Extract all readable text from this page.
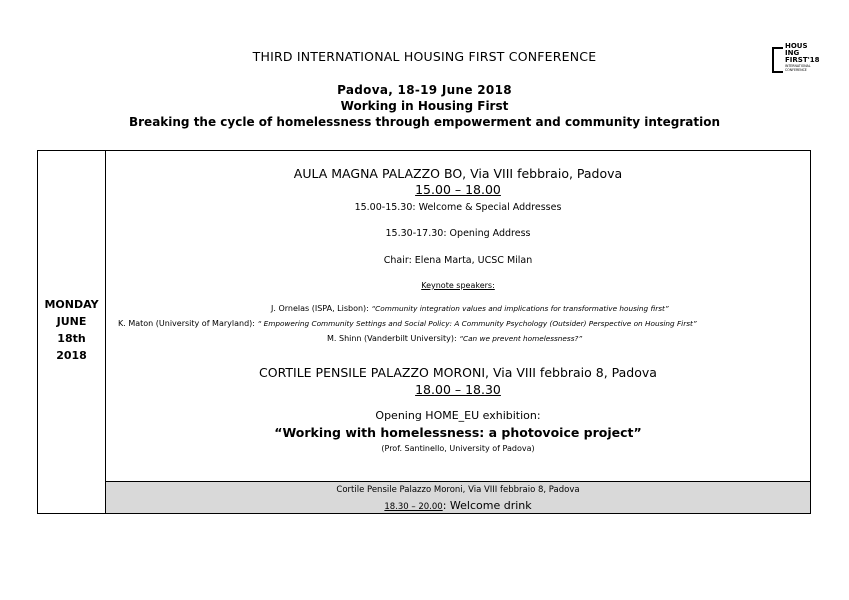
THIRD INTERNATIONAL HOUSING FIRST CONFERENCE
HOUS
ING
FIRST'18
INTERNATIONAL CONFERENCE
Padova, 18-19 June 2018
Working in Housing First
Breaking the cycle of homelessness through empowerment and community integration
MONDAY
JUNE
18th
2018
AULA MAGNA PALAZZO BO, Via VIII febbraio, Padova
15.00 – 18.00
15.00-15.30: Welcome & Special Addresses
15.30-17.30: Opening Address
Chair: Elena Marta, UCSC Milan
Keynote speakers:
J. Ornelas (ISPA, Lisbon): “Community integration values and implications for transformative housing first”
K. Maton (University of Maryland): “ Empowering Community Settings and Social Policy: A Community Psychology (Outsider) Perspective on Housing First”
M. Shinn (Vanderbilt University): “Can we prevent homelessness?”
CORTILE PENSILE PALAZZO MORONI, Via VIII febbraio 8, Padova
18.00 – 18.30
Opening HOME_EU exhibition:
“Working with homelessness: a photovoice project”
(Prof. Santinello, University of Padova)
Cortile Pensile Palazzo Moroni, Via VIII febbraio 8, Padova
18.30 – 20.00: Welcome drink
